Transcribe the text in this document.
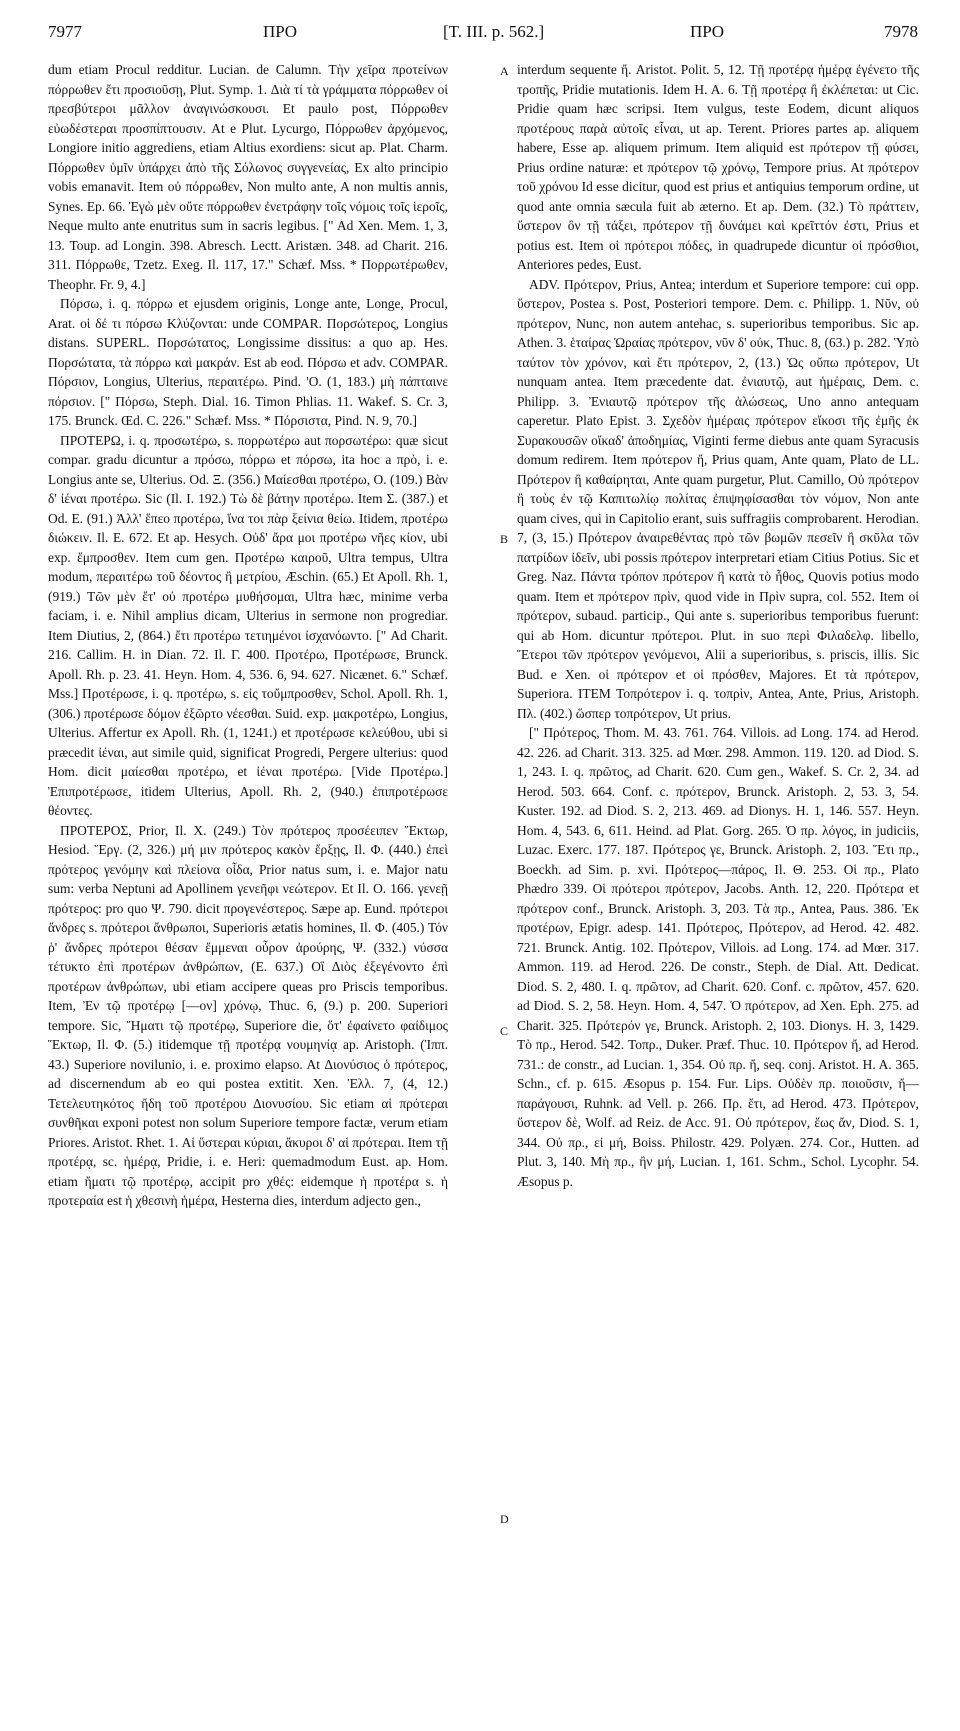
7977	ΠΡΟ	[T. III. p. 562.]	ΠΡΟ	7978
A
B
C
D

dum etiam Procul redditur. Lucian. de Calumn. Τὴν χεῖρα προτείνων πόρρωθεν ἔτι προσιοῦσῃ, Plut. Symp. 1. Διὰ τί τὰ γράμματα πόρρωθεν οἱ πρεσβύτεροι μᾶλλον ἀναγινώσκουσι. Et paulo post, Πόρρωθεν εὐωδέστεραι προσπίπτουσιν. At e Plut. Lycurgo, Πόρρωθεν ἀρχόμενος, Longiore initio aggrediens, etiam Altius exordiens: sicut ap. Plat. Charm. Πόρρωθεν ὑμῖν ὑπάρχει ἀπὸ τῆς Σόλωνος συγγενείας, Ex alto principio vobis emanavit. Item οὐ πόρρωθεν, Non multo ante, A non multis annis, Synes. Ep. 66. Ἐγὼ μὲν οὔτε πόρρωθεν ἐνετράφην τοῖς νόμοις τοῖς ἱεροῖς, Neque multo ante enutritus sum in sacris legibus. [" Ad Xen. Mem. 1, 3, 13. Toup. ad Longin. 398. Abresch. Lectt. Aristæn. 348. ad Charit. 216. 311. Πόρρωθε, Tzetz. Exeg. Il. 117, 17." Schæf. Mss. * Πορρωτέρωθεν, Theophr. Fr. 9, 4.]

Πόρσω, i. q. πόρρω et ejusdem originis, Longe ante, Longe, Procul, Arat. οἱ δέ τι πόρσω Κλύζονται: unde COMPAR. Πορσώτερος, Longius distans. SUPERL. Πορσώτατος, Longissime dissitus: a quo ap. Hes. Πορσώτατα, τὰ πόρρω καὶ μακράν. Est ab eod. Πόρσω et adv. COMPAR. Πόρσιον, Longius, Ulterius, περαιτέρω. Pind. 'Ο. (1, 183.) μὴ πάπταινε πόρσιον. [" Πόρσω, Steph. Dial. 16. Timon Phlias. 11. Wakef. S. Cr. 3, 175. Brunck. Œd. C. 226." Schæf. Mss. * Πόρσιστα, Pind. N. 9, 70.]

ΠΡΟΤΕΡΩ, i. q. προσωτέρω, s. πορρωτέρω aut πορσωτέρω: quæ sicut compar. gradu dicuntur a πρόσω, πόρρω et πόρσω, ita hoc a πρὸ, i. e. Longius ante se, Ulterius. Od. Ξ. (356.) Μαίεσθαι προτέρω, Ο. (109.) Βὰν δ' ἰέναι προτέρω. Sic (Il. I. 192.) Τὼ δὲ βάτην προτέρω. Item Σ. (387.) et Od. Ε. (91.) Ἀλλ' ἕπεο προτέρω, ἵνα τοι πὰρ ξείνια θείω. Itidem, προτέρω διώκειν. Il. Ε. 672. Et ap. Hesych. Οὐδ' ἄρα μοι προτέρω νῆες κίον, ubi exp. ἔμπροσθεν. Item cum gen. Προτέρω καιροῦ, Ultra tempus, Ultra modum, περαιτέρω τοῦ δέοντος ἢ μετρίου, Æschin. (65.) Et Apoll. Rh. 1, (919.) Τῶν μὲν ἔτ' οὐ προτέρω μυθήσομαι, Ultra hæc, minime verba faciam, i. e. Nihil amplius dicam, Ulterius in sermone non progrediar. Item Diutius, 2, (864.) ἔτι προτέρω τετιημένοι ἰσχανόωντο. [" Ad Charit. 216. Callim. H. in Dian. 72. Il. Γ. 400. Προτέρω, Προτέρωσε, Brunck. Apoll. Rh. p. 23. 41. Heyn. Hom. 4, 536. 6, 94. 627. Nicænet. 6." Schæf. Mss.] Προτέρωσε, i. q. προτέρω, s. εἰς τοὔμπροσθεν, Schol. Apoll. Rh. 1, (306.) προτέρωσε δόμον ἐξῶρτο νέεσθαι. Suid. exp. μακροτέρω, Longius, Ulterius. Affertur ex Apoll. Rh. (1, 1241.) et προτέρωσε κελεύθου, ubi si præcedit ἰέναι, aut simile quid, significat Progredi, Pergere ulterius: quod Hom. dicit μαίεσθαι προτέρω, et ἰέναι προτέρω. [Vide Προτέρω.] Ἐπιπροτέρωσε, itidem Ulterius, Apoll. Rh. 2, (940.) ἐπιπροτέρωσε θέοντες.

ΠΡΟΤΕΡΟΣ, Prior, Il. Χ. (249.) Τὸν πρότερος προσέειπεν Ἕκτωρ, Hesiod. Ἔργ. (2, 326.) μή μιν πρότερος κακὸν ἔρξῃς, Il. Φ. (440.) ἐπεὶ πρότερος γενόμην καὶ πλείονα οἶδα, Prior natus sum, i. e. Major natu sum: verba Neptuni ad Apollinem γενεῆφι νεώτερον. Et Il. Ο. 166. γενεῇ πρότερος: pro quo Ψ. 790. dicit προγενέστερος. Sæpe ap. Eund. πρότεροι ἄνδρες s. πρότεροι ἄνθρωποι, Superioris ætatis homines, Il. Φ. (405.) Τόν ῥ' ἄνδρες πρότεροι θέσαν ἔμμεναι οὖρον ἀρούρης, Ψ. (332.) νύσσα τέτυκτο ἐπὶ προτέρων ἀνθρώπων, (Ε. 637.) Οἳ Διὸς ἐξεγένοντο ἐπὶ προτέρων ἀνθρώπων, ubi etiam accipere queas pro Priscis temporibus. Item, Ἐν τῷ προτέρῳ [—ον] χρόνῳ, Thuc. 6, (9.) p. 200. Superiori tempore. Sic, Ἤματι τῷ προτέρῳ, Superiore die, ὅτ' ἐφαίνετο φαίδιμος Ἕκτωρ, Il. Φ. (5.) itidemque τῇ προτέρᾳ νουμηνίᾳ ap. Aristoph. (Ἱππ. 43.) Superiore novilunio, i. e. proximo elapso. At Διονύσιος ὁ πρότερος, ad discernendum ab eo qui postea extitit. Xen. Ἑλλ. 7, (4, 12.) Τετελευτηκότος ἤδη τοῦ προτέρου Διονυσίου. Sic etiam αἱ πρότεραι συνθῆκαι exponi potest non solum Superiore tempore factæ, verum etiam Priores. Aristot. Rhet. 1. Αἱ ὕστεραι κύριαι, ἄκυροι δ' αἱ πρότεραι. Item τῇ προτέρᾳ, sc. ἡμέρᾳ, Pridie, i. e. Heri: quemadmodum Eust. ap. Hom. etiam ἤματι τῷ προτέρῳ, accipit pro χθές: eidemque ἡ προτέρα s. ἡ προτεραία est ἡ χθεσινὴ ἡμέρα, Hesterna dies, interdum adjecto gen.,

interdum sequente ἤ. Aristot. Polit. 5, 12. Τῇ προτέρᾳ ἡμέρᾳ ἐγένετο τῆς τροπῆς, Pridie mutationis. Idem H. A. 6. Τῇ προτέρᾳ ἢ ἐκλέπεται: ut Cic. Pridie quam hæc scripsi. Item vulgus, teste Eodem, dicunt aliquos προτέρους παρὰ αὐτοῖς εἶναι, ut ap. Terent. Priores partes ap. aliquem habere, Esse ap. aliquem primum. Item aliquid est πρότερον τῇ φύσει, Prius ordine naturæ: et πρότερον τῷ χρόνῳ, Tempore prius. At πρότερον τοῦ χρόνου Id esse dicitur, quod est prius et antiquius temporum ordine, ut quod ante omnia sæcula fuit ab æterno. Et ap. Dem. (32.) Τὸ πράττειν, ὕστερον ὂν τῇ τάξει, πρότερον τῇ δυνάμει καὶ κρεῖττόν ἐστι, Prius et potius est. Item οἱ πρότεροι πόδες, in quadrupede dicuntur οἱ πρόσθιοι, Anteriores pedes, Eust.

ADV. Πρότερον, Prius, Antea; interdum et Superiore tempore: cui opp. ὕστερον, Postea s. Post, Posteriori tempore. Dem. c. Philipp. 1. Νῦν, οὐ πρότερον, Nunc, non autem antehac, s. superioribus temporibus. Sic ap. Athen. 3. ἑταίρας Ὡραίας πρότερον, νῦν δ' οὐκ, Thuc. 8, (63.) p. 282. Ὑπὸ ταύτον τὸν χρόνον, καὶ ἔτι πρότερον, 2, (13.) Ὡς οὔπω πρότερον, Ut nunquam antea. Item præcedente dat. ἐνιαυτῷ, aut ἡμέραις, Dem. c. Philipp. 3. Ἐνιαυτῷ πρότερον τῆς ἁλώσεως, Uno anno antequam caperetur. Plato Epist. 3. Σχεδὸν ἡμέραις πρότερον εἴκοσι τῆς ἐμῆς ἐκ Συρακουσῶν οἴκαδ' ἀποδημίας, Viginti ferme diebus ante quam Syracusis domum redirem. Item πρότερον ἤ, Prius quam, Ante quam, Plato de LL. Πρότερον ἢ καθαίρηται, Ante quam purgetur, Plut. Camillo, Οὐ πρότερον ἢ τοὺς ἐν τῷ Καπιτωλίῳ πολίτας ἐπιψηφίσασθαι τὸν νόμον, Non ante quam cives, qui in Capitolio erant, suis suffragiis comprobarent. Herodian. 7, (3, 15.) Πρότερον ἀναιρεθέντας πρὸ τῶν βωμῶν πεσεῖν ἢ σκῦλα τῶν πατρίδων ἰδεῖν, ubi possis πρότερον interpretari etiam Citius Potius. Sic et Greg. Naz. Πάντα τρόπον πρότερον ἢ κατὰ τὸ ἦθος, Quovis potius modo quam. Item et πρότερον πρὶν, quod vide in Πρὶν supra, col. 552. Item οἱ πρότερον, subaud. particip., Qui ante s. superioribus temporibus fuerunt: qui ab Hom. dicuntur πρότεροι. Plut. in suo περὶ Φιλαδελφ. libello, Ἕτεροι τῶν πρότερον γενόμενοι, Alii a superioribus, s. priscis, illis. Sic Bud. e Xen. οἱ πρότερον et οἱ πρόσθεν, Majores. Et τὰ πρότερον, Superiora. ITEM Τοπρότερον i. q. τοπρὶν, Antea, Ante, Prius, Aristoph. Πλ. (402.) ὥσπερ τοπρότερον, Ut prius.

[" Πρότερος, Thom. M. 43. 761. 764. Villois. ad Long. 174. ad Herod. 42. 226. ad Charit. 313. 325. ad Mœr. 298. Ammon. 119. 120. ad Diod. S. 1, 243. I. q. πρῶτος, ad Charit. 620. Cum gen., Wakef. S. Cr. 2, 34. ad Herod. 503. 664. Conf. c. πρότερον, Brunck. Aristoph. 2, 53. 3, 54. Kuster. 192. ad Diod. S. 2, 213. 469. ad Dionys. H. 1, 146. 557. Heyn. Hom. 4, 543. 6, 611. Heind. ad Plat. Gorg. 265. Ὁ πρ. λόγος, in judiciis, Luzac. Exerc. 177. 187. Πρότερος γε, Brunck. Aristoph. 2, 103. Ἔτι πρ., Boeckh. ad Sim. p. xvi. Πρότερος—πάρος, Il. Θ. 253. Οἱ πρ., Plato Phædro 339. Οἱ πρότεροι πρότερον, Jacobs. Anth. 12, 220. Πρότερα et πρότερον conf., Brunck. Aristoph. 3, 203. Τὰ πρ., Antea, Paus. 386. Ἐκ προτέρων, Epigr. adesp. 141. Πρότερος, Πρότερον, ad Herod. 42. 482. 721. Brunck. Antig. 102. Πρότερον, Villois. ad Long. 174. ad Mœr. 317. Ammon. 119. ad Herod. 226. De constr., Steph. de Dial. Att. Dedicat. Diod. S. 2, 480. I. q. πρῶτον, ad Charit. 620. Conf. c. πρῶτον, 457. 620. ad Diod. S. 2, 58. Heyn. Hom. 4, 547. Ὁ πρότερον, ad Xen. Eph. 275. ad Charit. 325. Πρότερόν γε, Brunck. Aristoph. 2, 103. Dionys. H. 3, 1429. Τὸ πρ., Herod. 542. Τοπρ., Duker. Præf. Thuc. 10. Πρότερον ἤ, ad Herod. 731.: de constr., ad Lucian. 1, 354. Οὐ πρ. ἤ, seq. conj. Aristot. H. A. 365. Schn., cf. p. 615. Æsopus p. 154. Fur. Lips. Οὐδὲν πρ. ποιοῦσιν, ἤ—παράγουσι, Ruhnk. ad Vell. p. 266. Πρ. ἔτι, ad Herod. 473. Πρότερον, ὕστερον δὲ, Wolf. ad Reiz. de Acc. 91. Οὐ πρότερον, ἕως ἄν, Diod. S. 1, 344. Οὐ πρ., εἰ μή, Boiss. Philostr. 429. Polyæn. 274. Cor., Hutten. ad Plut. 3, 140. Μὴ πρ., ἢν μή, Lucian. 1, 161. Schm., Schol. Lycophr. 54. Æsopus p.
